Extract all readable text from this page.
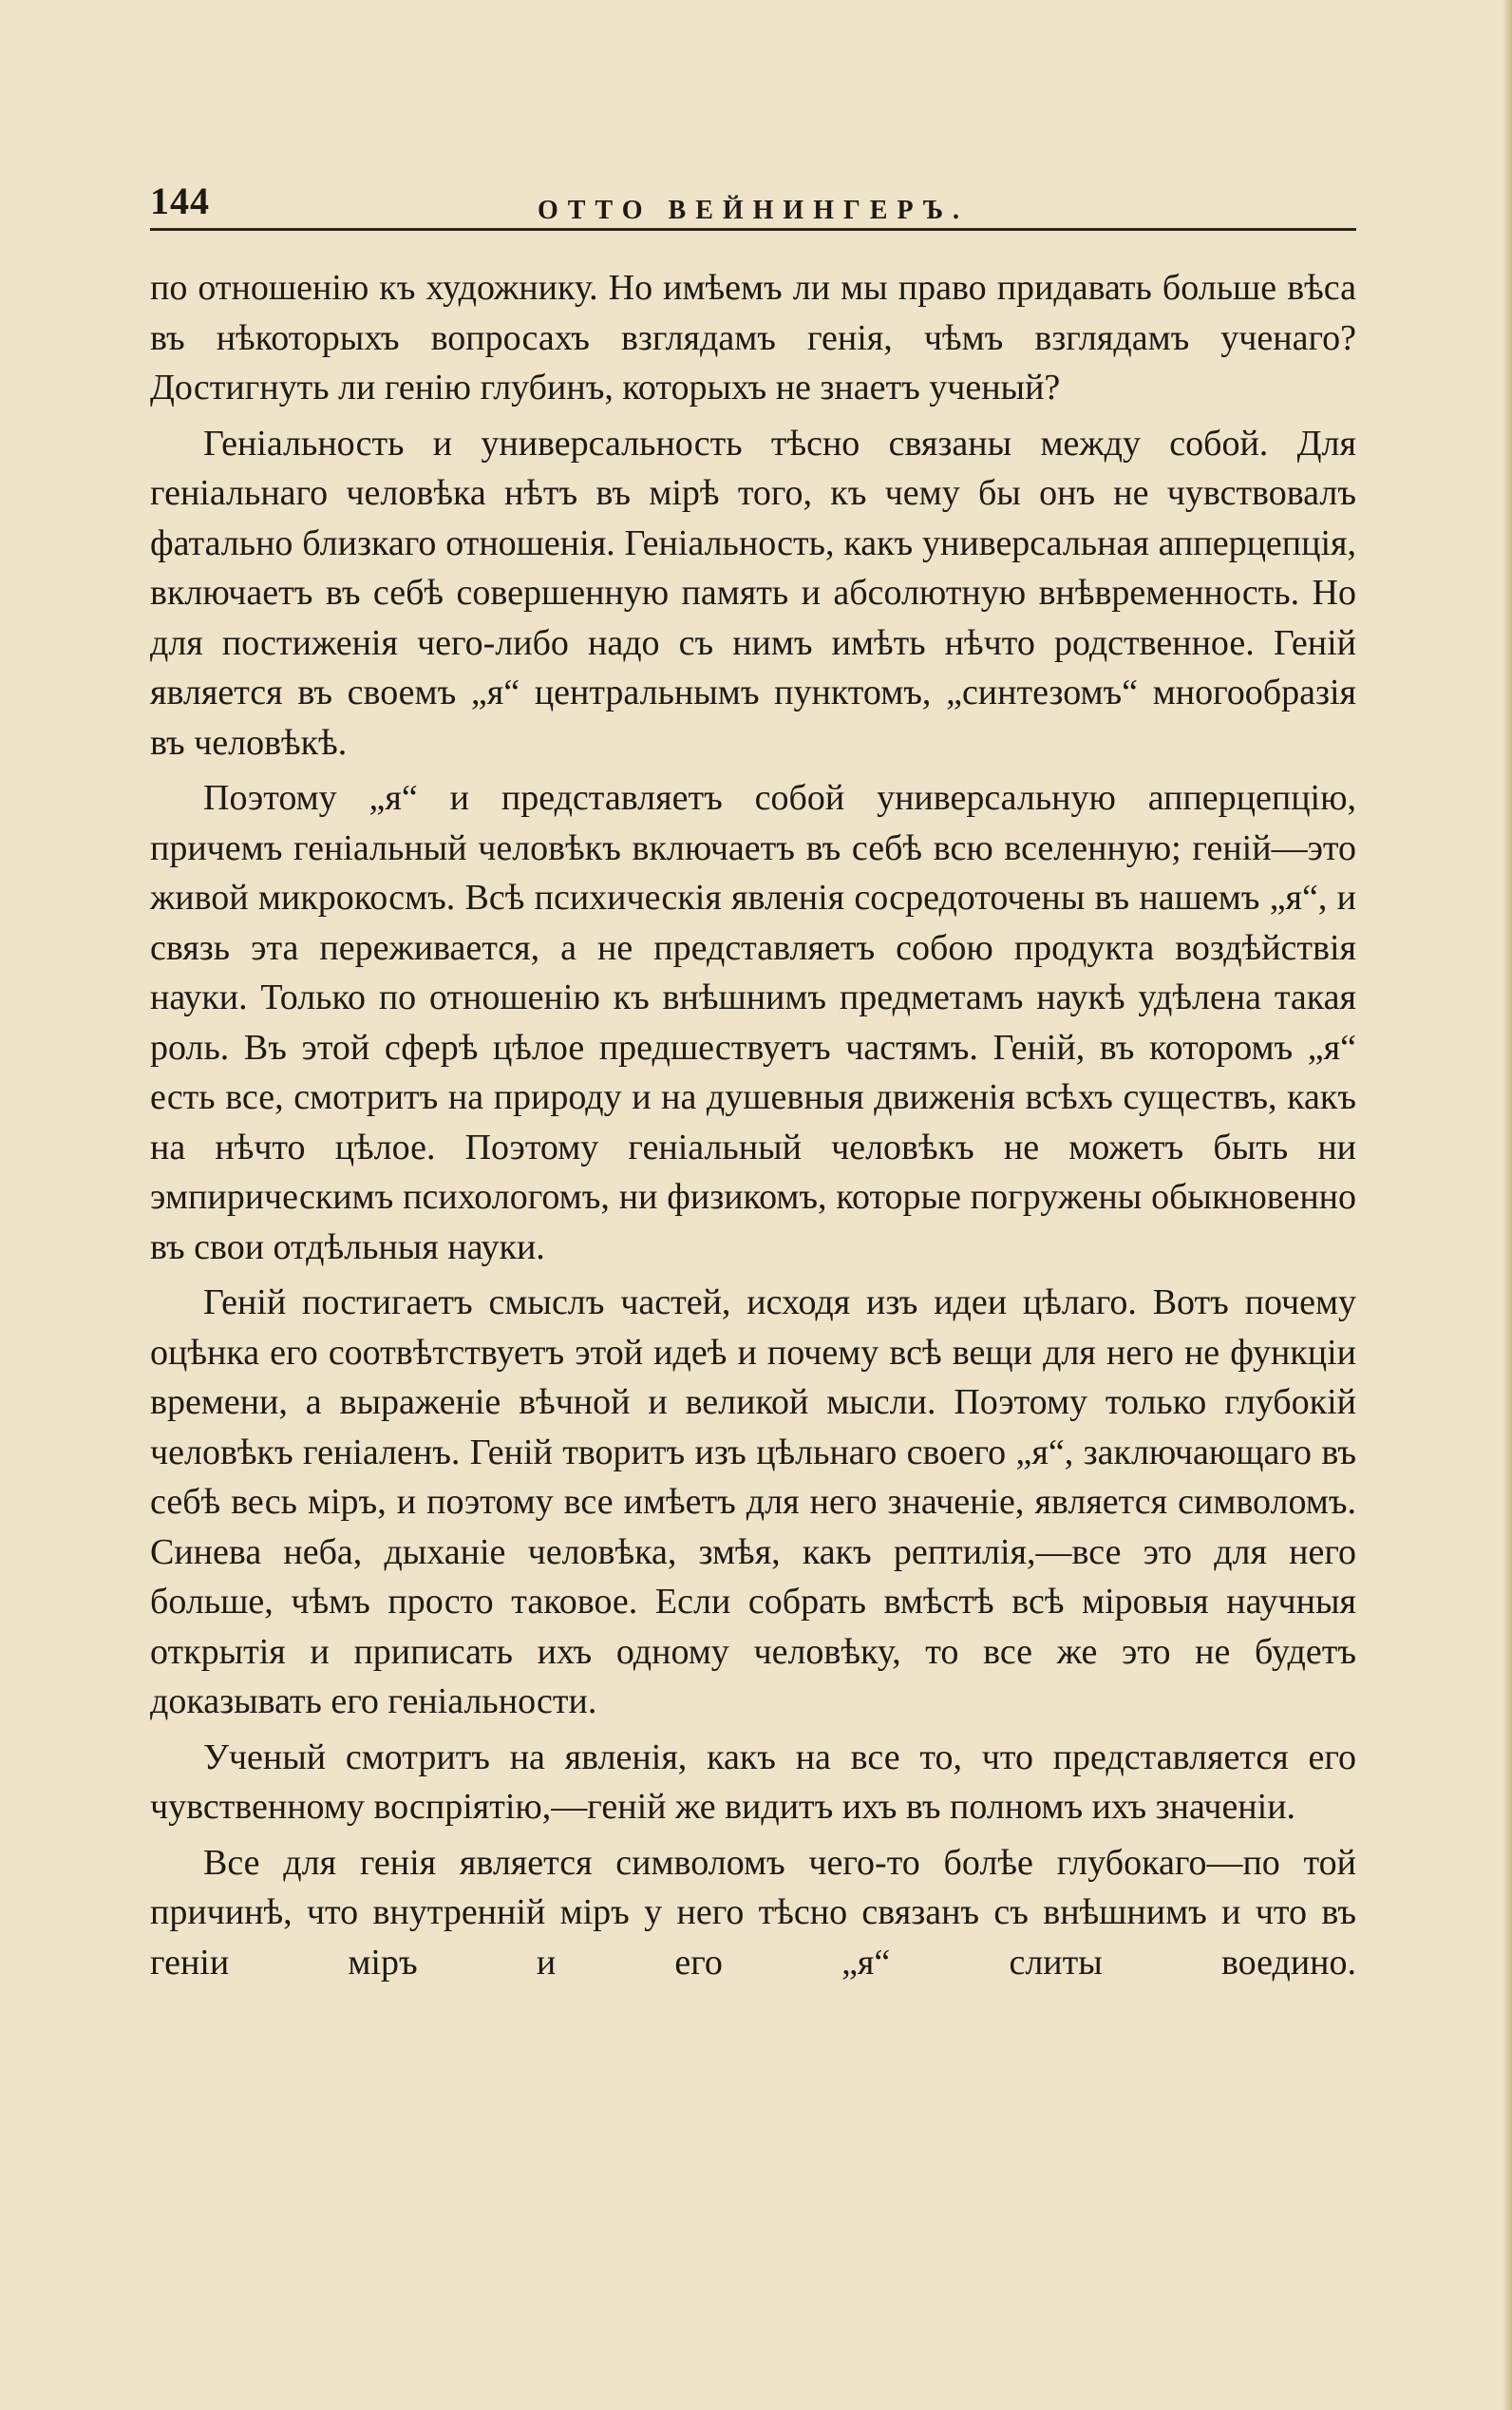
144	ОТТО ВЕЙНИНГЕРЪ.

по отношенію къ художнику. Но имѣемъ ли мы право придавать больше вѣса въ нѣкоторыхъ вопросахъ взглядамъ генія, чѣмъ взглядамъ ученаго? Достигнуть ли генію глубинъ, которыхъ не знаетъ ученый?

Геніальность и универсальность тѣсно связаны между собой. Для геніальнаго человѣка нѣтъ въ мірѣ того, къ чему бы онъ не чувствовалъ фатально близкаго отношенія. Геніальность, какъ универсальная апперцепція, включаетъ въ себѣ совершенную память и абсолютную внѣвременность. Но для постиженія чего-либо надо съ нимъ имѣть нѣчто родственное. Геній является въ своемъ „я“ центральнымъ пунктомъ, „синтезомъ“ многообразія въ человѣкѣ.

Поэтому „я“ и представляетъ собой универсальную апперцепцію, причемъ геніальный человѣкъ включаетъ въ себѣ всю вселенную; геній—это живой микрокосмъ. Всѣ психическія явленія сосредоточены въ нашемъ „я“, и связь эта переживается, а не представляетъ собою продукта воздѣйствія науки. Только по отношенію къ внѣшнимъ предметамъ наукѣ удѣлена такая роль. Въ этой сферѣ цѣлое предшествуетъ частямъ. Геній, въ которомъ „я“ есть все, смотритъ на природу и на душевныя движенія всѣхъ существъ, какъ на нѣчто цѣлое. Поэтому геніальный человѣкъ не можетъ быть ни эмпирическимъ психологомъ, ни физикомъ, которые погружены обыкновенно въ свои отдѣльныя науки.

Геній постигаетъ смыслъ частей, исходя изъ идеи цѣлаго. Вотъ почему оцѣнка его соотвѣтствуетъ этой идеѣ и почему всѣ вещи для него не функціи времени, а выраженіе вѣчной и великой мысли. Поэтому только глубокій человѣкъ геніаленъ. Геній творитъ изъ цѣльнаго своего „я“, заключающаго въ себѣ весь міръ, и поэтому все имѣетъ для него значеніе, является символомъ. Синева неба, дыханіе человѣка, змѣя, какъ рептилія,—все это для него больше, чѣмъ просто таковое. Если собрать вмѣстѣ всѣ міровыя научныя открытія и приписать ихъ одному человѣку, то все же это не будетъ доказывать его геніальности.

Ученый смотритъ на явленія, какъ на все то, что представляется его чувственному воспріятію,—геній же видитъ ихъ въ полномъ ихъ значеніи.

Все для генія является символомъ чего-то болѣе глубокаго—по той причинѣ, что внутренній міръ у него тѣсно связанъ съ внѣшнимъ и что въ геніи міръ и его „я“ слиты воедино.
